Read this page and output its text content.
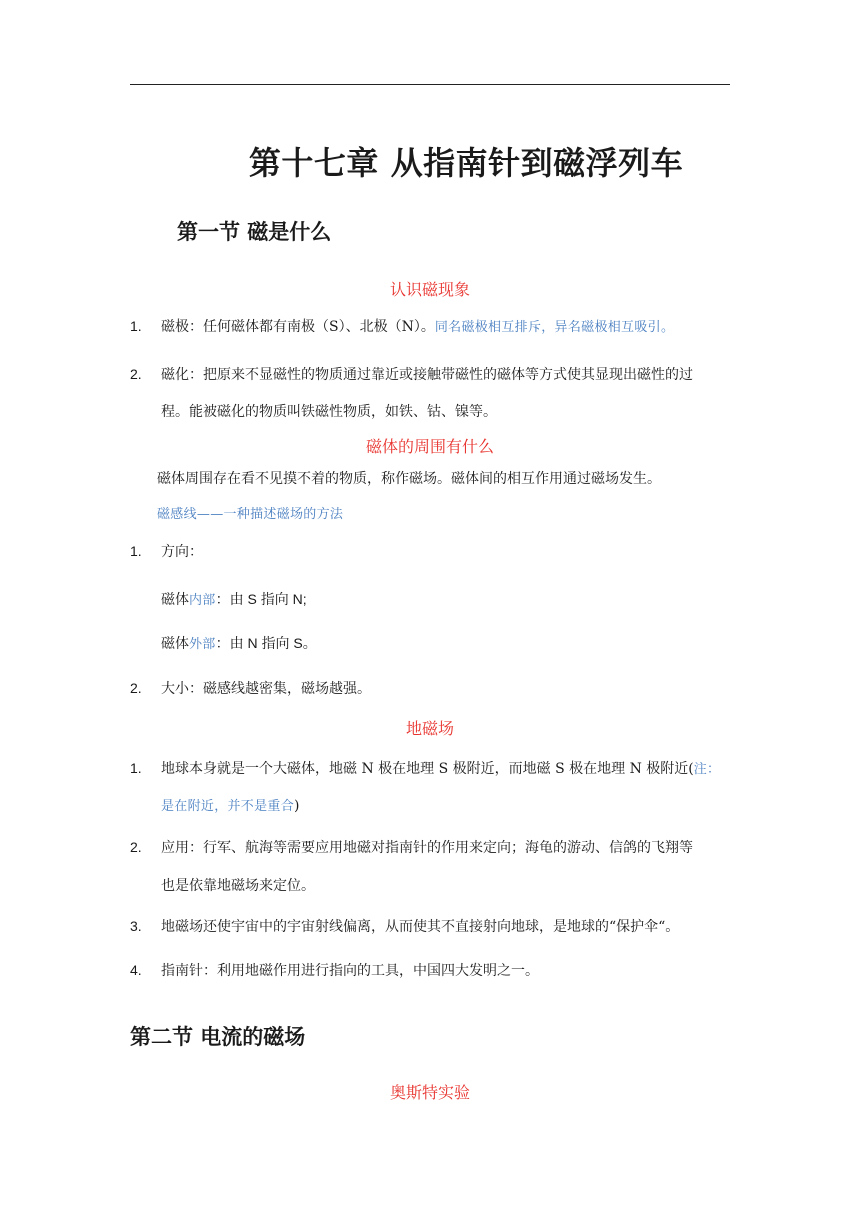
第十七章 从指南针到磁浮列车
第一节 磁是什么
认识磁现象
1. 磁极：任何磁体都有南极（S）、北极（N）。同名磁极相互排斥，异名磁极相互吸引。
2. 磁化：把原来不显磁性的物质通过靠近或接触带磁性的磁体等方式使其显现出磁性的过
程。能被磁化的物质叫铁磁性物质，如铁、钴、镍等。
磁体的周围有什么
磁体周围存在看不见摸不着的物质，称作磁场。磁体间的相互作用通过磁场发生。
磁感线——一种描述磁场的方法
1. 方向：
磁体内部：由 S 指向 N;
磁体外部：由 N 指向 S。
2. 大小：磁感线越密集，磁场越强。
地磁场
1. 地球本身就是一个大磁体，地磁 N 极在地理 S 极附近，而地磁 S 极在地理 N 极附近(注：
是在附近，并不是重合)
2. 应用：行军、航海等需要应用地磁对指南针的作用来定向；海龟的游动、信鸽的飞翔等
也是依靠地磁场来定位。
3. 地磁场还使宇宙中的宇宙射线偏离，从而使其不直接射向地球，是地球的“保护伞“。
4. 指南针：利用地磁作用进行指向的工具，中国四大发明之一。
第二节 电流的磁场
奥斯特实验
